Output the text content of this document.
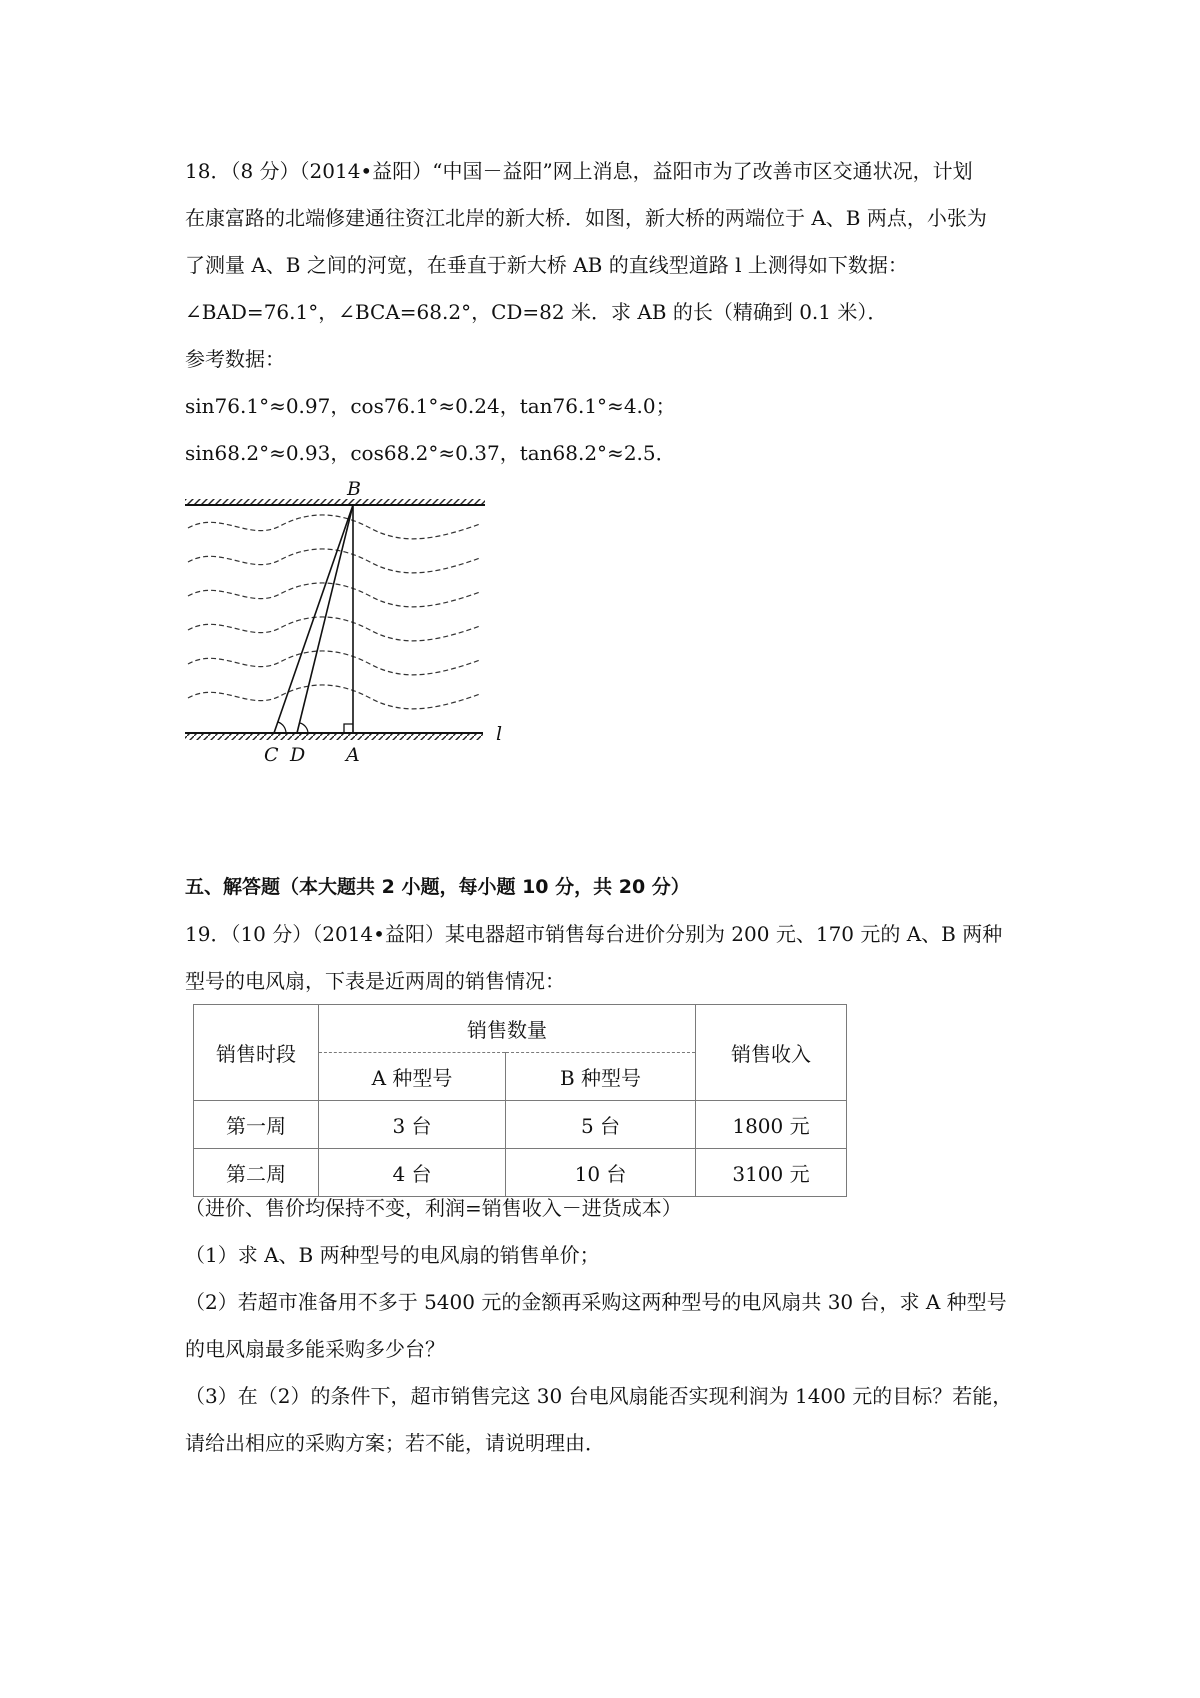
18．（8 分）（2014•益阳）“中国－益阳”网上消息，益阳市为了改善市区交通状况，计划
在康富路的北端修建通往资江北岸的新大桥．如图，新大桥的两端位于 A、B 两点，小张为
了测量 A、B 之间的河宽，在垂直于新大桥 AB 的直线型道路 l 上测得如下数据：
∠BAD=76.1°，∠BCA=68.2°，CD=82 米．求 AB 的长（精确到 0.1 米）．
参考数据：
sin76.1°≈0.97，cos76.1°≈0.24，tan76.1°≈4.0；
sin68.2°≈0.93，cos68.2°≈0.37，tan68.2°≈2.5．
B
C D A
l
五、解答题（本大题共 2 小题，每小题 10 分，共 20 分）
19．（10 分）（2014•益阳）某电器超市销售每台进价分别为 200 元、170 元的 A、B 两种
型号的电风扇，下表是近两周的销售情况：
销售时段	销售数量		销售收入
	A 种型号	B 种型号	
第一周	3 台	5 台	1800 元
第二周	4 台	10 台	3100 元
（进价、售价均保持不变，利润=销售收入－进货成本）
（1）求 A、B 两种型号的电风扇的销售单价；
（2）若超市准备用不多于 5400 元的金额再采购这两种型号的电风扇共 30 台，求 A 种型号
的电风扇最多能采购多少台？
（3）在（2）的条件下，超市销售完这 30 台电风扇能否实现利润为 1400 元的目标？若能，
请给出相应的采购方案；若不能，请说明理由．
